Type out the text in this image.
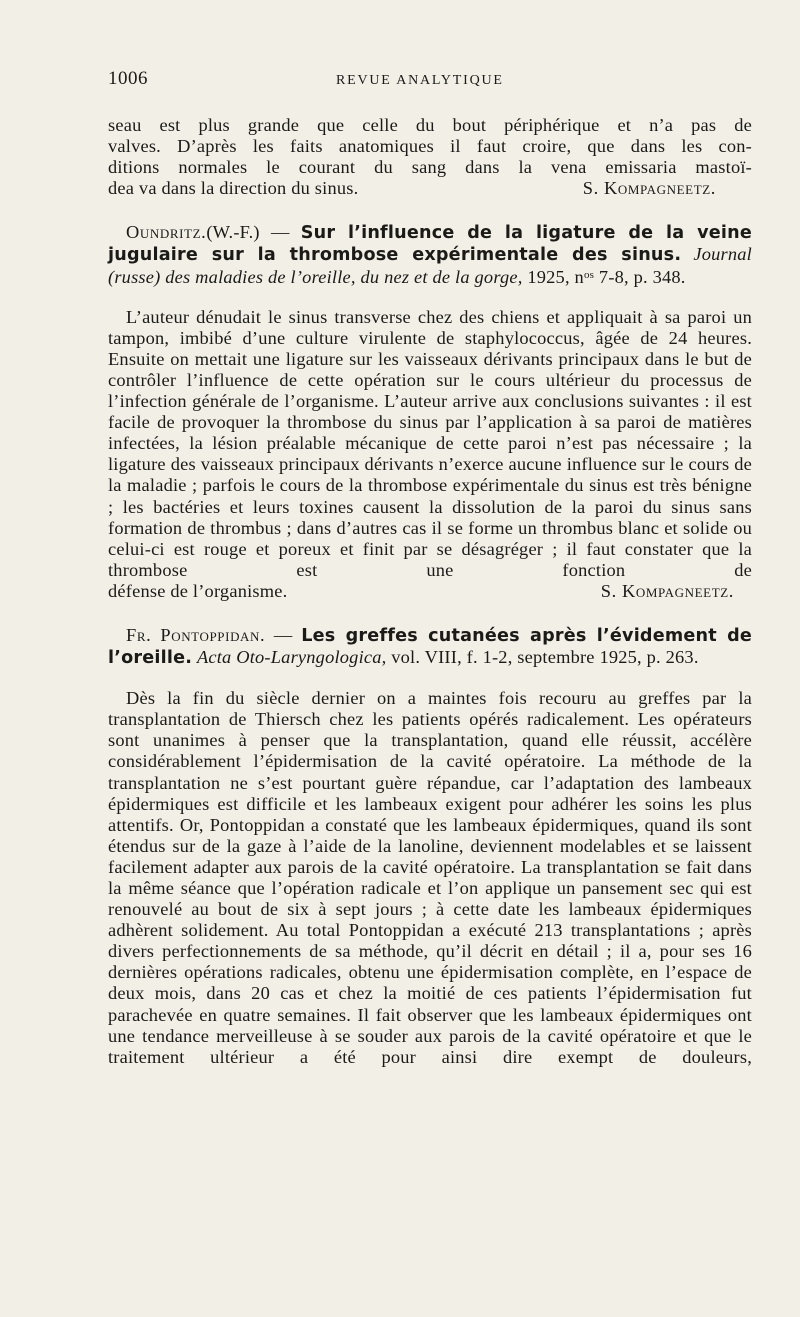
1006	REVUE ANALYTIQUE

seau est plus grande que celle du bout périphérique et n’a pas de

valves. D’après les faits anatomiques il faut croire, que dans les con-

ditions normales le courant du sang dans la vena emissaria mastoï-

dea va dans la direction du sinus.	S. Kompagneetz.

Oundritz.(W.-F.) — Sur l’influence de la ligature de la veine jugulaire sur la thrombose expérimentale des sinus. Journal (russe) des maladies de l’oreille, du nez et de la gorge, 1925, $n^{os}$ 7-8, p. 348.

L’auteur dénudait le sinus transverse chez des chiens et appliquait à sa paroi un tampon, imbibé d’une culture virulente de staphylococcus, âgée de 24 heures. Ensuite on mettait une ligature sur les vaisseaux dérivants principaux dans le but de contrôler l’influence de cette opération sur le cours ultérieur du processus de l’infection générale de l’organisme. L’auteur arrive aux conclusions suivantes : il est facile de provoquer la thrombose du sinus par l’application à sa paroi de matières infectées, la lésion préalable mécanique de cette paroi n’est pas nécessaire ; la ligature des vaisseaux principaux dérivants n’exerce aucune influence sur le cours de la maladie ; parfois le cours de la thrombose expérimentale du sinus est très bénigne ; les bactéries et leurs toxines causent la dissolution de la paroi du sinus sans formation de thrombus ; dans d’autres cas il se forme un thrombus blanc et solide ou celui-ci est rouge et poreux et finit par se désagréger ; il faut constater que la thrombose est une fonction de

défense de l’organisme.	S. Kompagneetz.

Fr. Pontoppidan. — Les greffes cutanées après l’évidement de l’oreille. Acta Oto-Laryngologica, vol. VIII, f. 1-2, septembre 1925, p. 263.

Dès la fin du siècle dernier on a maintes fois recouru au greffes par la transplantation de Thiersch chez les patients opérés radicalement. Les opérateurs sont unanimes à penser que la transplantation, quand elle réussit, accélère considérablement l’épidermisation de la cavité opératoire. La méthode de la transplantation ne s’est pourtant guère répandue, car l’adaptation des lambeaux épidermiques est difficile et les lambeaux exigent pour adhérer les soins les plus attentifs. Or, Pontoppidan a constaté que les lambeaux épidermiques, quand ils sont étendus sur de la gaze à l’aide de la lanoline, deviennent modelables et se laissent facilement adapter aux parois de la cavité opératoire. La transplantation se fait dans la même séance que l’opération radicale et l’on applique un pansement sec qui est renouvelé au bout de six à sept jours ; à cette date les lambeaux épidermiques adhèrent solidement. Au total Pontoppidan a exécuté 213 transplantations ; après divers perfectionnements de sa méthode, qu’il décrit en détail ; il a, pour ses 16 dernières opérations radicales, obtenu une épidermisation complète, en l’espace de deux mois, dans 20 cas et chez la moitié de ces patients l’épidermisation fut parachevée en quatre semaines. Il fait observer que les lambeaux épidermiques ont une tendance merveilleuse à se souder aux parois de la cavité opératoire et que le traitement ultérieur a été pour ainsi dire exempt de douleurs,
